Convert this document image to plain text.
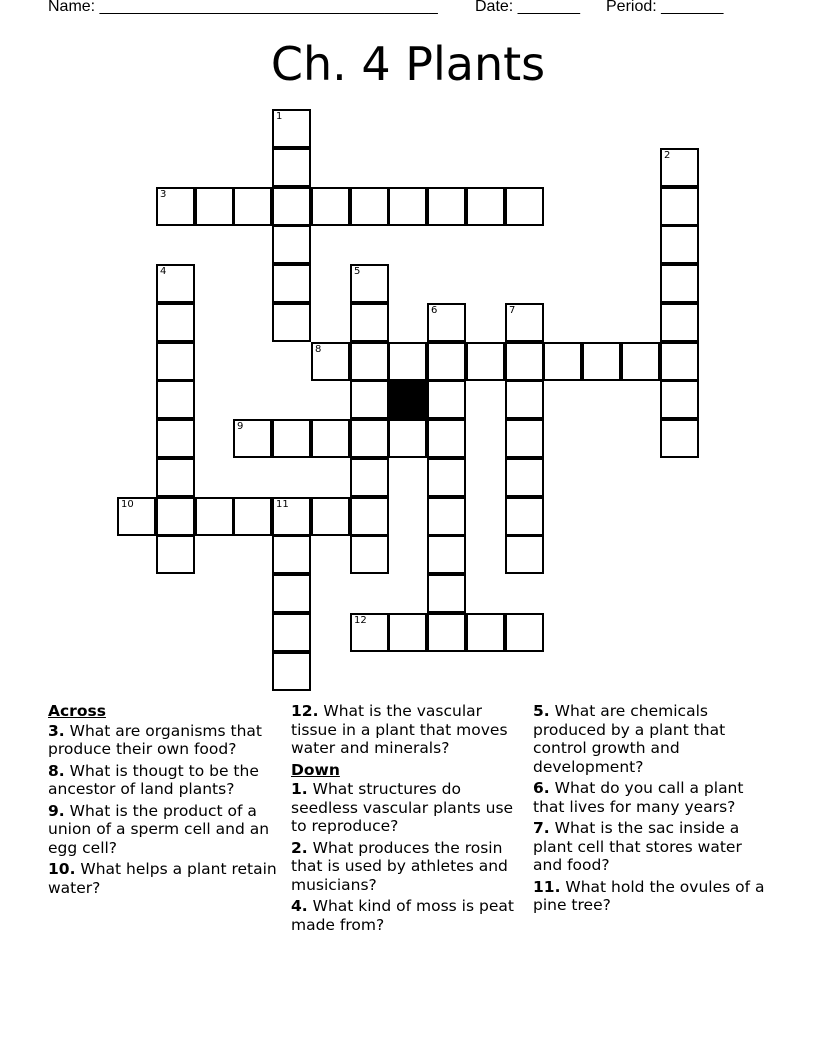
Name: ______________________________________

Date: _______

Period: _______

Ch. 4 Plants
1
2
3
4	5
6	7
8
9
10	11
12
Across
3. What are organisms that produce their own food?
8. What is thougt to be the ancestor of land plants?
9. What is the product of a union of a sperm cell and an egg cell?
10. What helps a plant retain water?
12. What is the vascular tissue in a plant that moves water and minerals?
Down
1. What structures do seedless vascular plants use to reproduce?
2. What produces the rosin that is used by athletes and musicians?
4. What kind of moss is peat made from?
5. What are chemicals produced by a plant that control growth and development?
6. What do you call a plant that lives for many years?
7. What is the sac inside a plant cell that stores water and food?
11. What hold the ovules of a pine tree?
